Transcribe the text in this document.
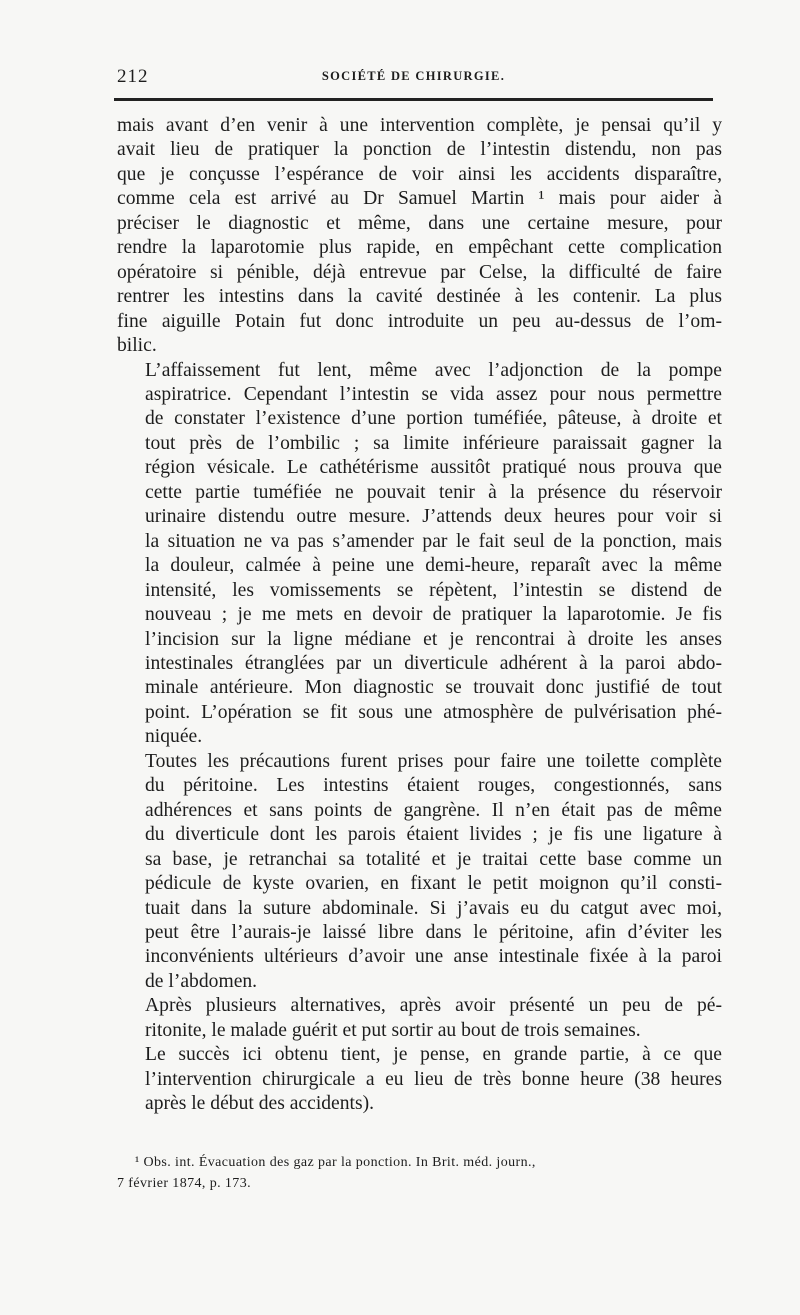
212	SOCIÉTÉ DE CHIRURGIE.

mais avant d’en venir à une intervention complète, je pensai qu’il y
avait lieu de pratiquer la ponction de l’intestin distendu, non pas
que je conçusse l’espérance de voir ainsi les accidents disparaître,
comme cela est arrivé au Dr Samuel Martin ¹ mais pour aider à
préciser le diagnostic et même, dans une certaine mesure, pour
rendre la laparotomie plus rapide, en empêchant cette complication
opératoire si pénible, déjà entrevue par Celse, la difficulté de faire
rentrer les intestins dans la cavité destinée à les contenir. La plus
fine aiguille Potain fut donc introduite un peu au-dessus de l’om-
bilic.

L’affaissement fut lent, même avec l’adjonction de la pompe
aspiratrice. Cependant l’intestin se vida assez pour nous permettre
de constater l’existence d’une portion tuméfiée, pâteuse, à droite et
tout près de l’ombilic ; sa limite inférieure paraissait gagner la
région vésicale. Le cathétérisme aussitôt pratiqué nous prouva que
cette partie tuméfiée ne pouvait tenir à la présence du réservoir
urinaire distendu outre mesure. J’attends deux heures pour voir si
la situation ne va pas s’amender par le fait seul de la ponction, mais
la douleur, calmée à peine une demi-heure, reparaît avec la même
intensité, les vomissements se répètent, l’intestin se distend de
nouveau ; je me mets en devoir de pratiquer la laparotomie. Je fis
l’incision sur la ligne médiane et je rencontrai à droite les anses
intestinales étranglées par un diverticule adhérent à la paroi abdo-
minale antérieure. Mon diagnostic se trouvait donc justifié de tout
point. L’opération se fit sous une atmosphère de pulvérisation phé-
niquée.

Toutes les précautions furent prises pour faire une toilette complète
du péritoine. Les intestins étaient rouges, congestionnés, sans
adhérences et sans points de gangrène. Il n’en était pas de même
du diverticule dont les parois étaient livides ; je fis une ligature à
sa base, je retranchai sa totalité et je traitai cette base comme un
pédicule de kyste ovarien, en fixant le petit moignon qu’il consti-
tuait dans la suture abdominale. Si j’avais eu du catgut avec moi,
peut être l’aurais-je laissé libre dans le péritoine, afin d’éviter les
inconvénients ultérieurs d’avoir une anse intestinale fixée à la paroi
de l’abdomen.

Après plusieurs alternatives, après avoir présenté un peu de pé-
ritonite, le malade guérit et put sortir au bout de trois semaines.

Le succès ici obtenu tient, je pense, en grande partie, à ce que
l’intervention chirurgicale a eu lieu de très bonne heure (38 heures
après le début des accidents).

¹ Obs. int. Évacuation des gaz par la ponction. In Brit. méd. journ.,
7 février 1874, p. 173.
